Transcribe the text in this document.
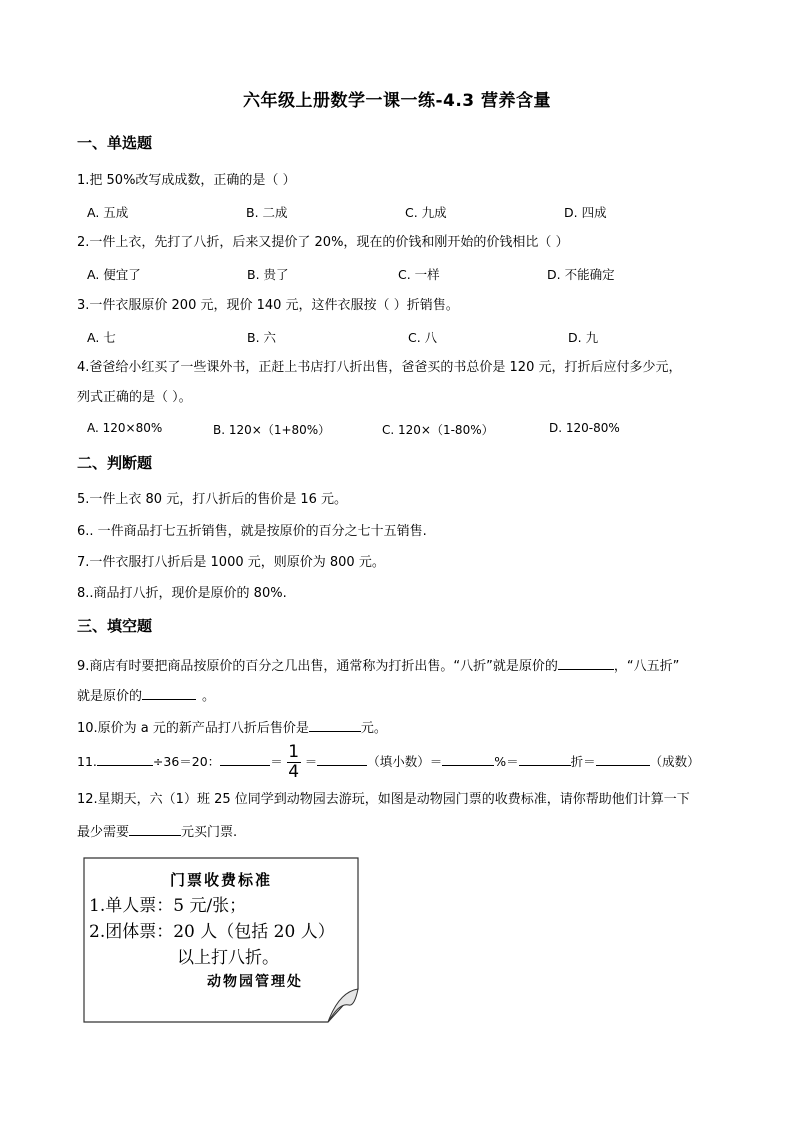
六年级上册数学一课一练-4.3 营养含量
一、单选题
1.把 50%改写成成数，正确的是（ ）
A. 五成	B. 二成	C. 九成	D. 四成
2.一件上衣，先打了八折，后来又提价了 20%，现在的价钱和刚开始的价钱相比（ ）
A. 便宜了	B. 贵了	C. 一样	D. 不能确定
3.一件衣服原价 200 元，现价 140 元，这件衣服按（ ）折销售。
A. 七	B. 六	C. 八	D. 九
4.爸爸给小红买了一些课外书，正赶上书店打八折出售，爸爸买的书总价是 120 元，打折后应付多少元，
列式正确的是（ ）。
A. 120×80%	B. 120×（1+80%）	C. 120×（1-80%）	D. 120-80%
二、判断题
5.一件上衣 80 元，打八折后的售价是 16 元。
6.. 一件商品打七五折销售，就是按原价的百分之七十五销售.
7.一件衣服打八折后是 1000 元，则原价为 800 元。
8..商品打八折，现价是原价的 80%.
三、填空题
9.商店有时要把商品按原价的百分之几出售，通常称为打折出售。“八折”就是原价的	，“八五折”
就是原价的	。
10.原价为 a 元的新产品打八折后售价是	元。
11.	÷36＝20：	＝ $\frac{1}{4}$ ＝	（填小数）＝	%＝	折＝	（成数）
12.星期天，六（1）班 25 位同学到动物园去游玩，如图是动物园门票的收费标准，请你帮助他们计算一下
最少需要	元买门票.
门票收费标准
1.单人票：5 元/张；
2.团体票：20 人（包括 20 人）
以上打八折。
动物园管理处
